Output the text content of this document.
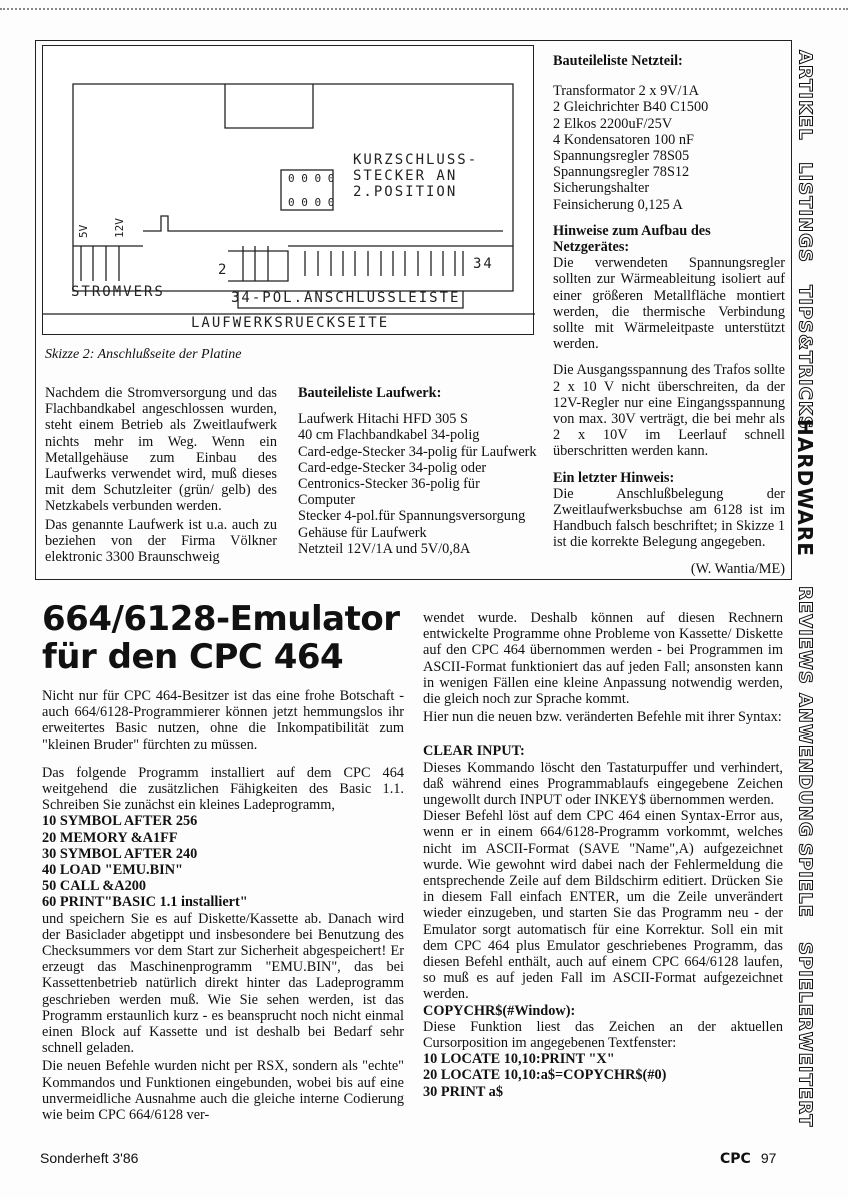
0 0 0 0
0 0 0 0
KURZSCHLUSS-
STECKER AN
2.POSITION
STROMVERS	34-POL.ANSCHLUSSLEISTE
LAUFWERKSRUECKSEITE
2	34
5V 12V
Skizze 2: Anschlußseite der Platine

Nachdem die Stromversorgung und das Flachbandkabel angeschlossen wurden, steht einem Betrieb als Zweitlaufwerk nichts mehr im Weg. Wenn ein Metallgehäuse zum Einbau des Laufwerks verwendet wird, muß dieses mit dem Schutzleiter (grün/ gelb) des Netzkabels verbunden werden.

Das genannte Laufwerk ist u.a. auch zu beziehen von der Firma Völkner elektronic 3300 Braunschweig

Bauteileliste Laufwerk:

Laufwerk Hitachi HFD 305 S

40 cm Flachbandkabel 34-polig

Card-edge-Stecker 34-polig für Laufwerk

Card-edge-Stecker 34-polig oder Centronics-Stecker 36-polig für Computer

Stecker 4-pol.für Spannungsversorgung

Gehäuse für Laufwerk

Netzteil 12V/1A und 5V/0,8A

Bauteileliste Netzteil:

Transformator 2 x 9V/1A

2 Gleichrichter B40 C1500

2 Elkos 2200uF/25V

4 Kondensatoren 100 nF

Spannungsregler 78S05

Spannungsregler 78S12

Sicherungshalter

Feinsicherung 0,125 A

Hinweise zum Aufbau des Netzgerätes:

Die verwendeten Spannungsregler sollten zur Wärmeableitung isoliert auf einer größeren Metallfläche montiert werden, die thermische Verbindung sollte mit Wärmeleitpaste unterstützt werden.

Die Ausgangsspannung des Trafos sollte 2 x 10 V nicht überschreiten, da der 12V-Regler nur eine Eingangsspannung von max. 30V verträgt, die bei mehr als 2 x 10V im Leerlauf schnell überschritten werden kann.

Ein letzter Hinweis:

Die Anschlußbelegung der Zweitlaufwerksbuchse am 6128 ist im Handbuch falsch beschriftet; in Skizze 1 ist die korrekte Belegung angegeben.

(W. Wantia/ME)

664/6128-Emulator
für den CPC 464

Nicht nur für CPC 464-Besitzer ist das eine frohe Botschaft - auch 664/6128-Programmierer können jetzt hemmungslos ihr erweitertes Basic nutzen, ohne die Inkompatibilität zum "kleinen Bruder" fürchten zu müssen.

Das folgende Programm installiert auf dem CPC 464 weitgehend die zusätzlichen Fähigkeiten des Basic 1.1. Schreiben Sie zunächst ein kleines Ladeprogramm,

10 SYMBOL AFTER 256

20 MEMORY &A1FF

30 SYMBOL AFTER 240

40 LOAD "EMU.BIN"

50 CALL &A200

60 PRINT"BASIC 1.1 installiert"

und speichern Sie es auf Diskette/Kassette ab. Danach wird der Basiclader abgetippt und insbesondere bei Benutzung des Checksummers vor dem Start zur Sicherheit abgespeichert! Er erzeugt das Maschinenprogramm "EMU.BIN", das bei Kassettenbetrieb natürlich direkt hinter das Ladeprogramm geschrieben werden muß. Wie Sie sehen werden, ist das Programm erstaunlich kurz - es beansprucht noch nicht einmal einen Block auf Kassette und ist deshalb bei Bedarf sehr schnell geladen.

Die neuen Befehle wurden nicht per RSX, sondern als "echte" Kommandos und Funktionen eingebunden, wobei bis auf eine unvermeidliche Ausnahme auch die gleiche interne Codierung wie beim CPC 664/6128 ver-

wendet wurde. Deshalb können auf diesen Rechnern entwickelte Programme ohne Probleme von Kassette/ Diskette auf den CPC 464 übernommen werden - bei Programmen im ASCII-Format funktioniert das auf jeden Fall; ansonsten kann in wenigen Fällen eine kleine Anpassung notwendig werden, die gleich noch zur Sprache kommt.

Hier nun die neuen bzw. veränderten Befehle mit ihrer Syntax:

CLEAR INPUT:

Dieses Kommando löscht den Tastaturpuffer und verhindert, daß während eines Programmablaufs eingegebene Zeichen ungewollt durch INPUT oder INKEY$ übernommen werden.

Dieser Befehl löst auf dem CPC 464 einen Syntax-Error aus, wenn er in einem 664/6128-Programm vorkommt, welches nicht im ASCII-Format (SAVE "Name",A) aufgezeichnet wurde. Wie gewohnt wird dabei nach der Fehlermeldung die entsprechende Zeile auf dem Bildschirm editiert. Drücken Sie in diesem Fall einfach ENTER, um die Zeile unverändert wieder einzugeben, und starten Sie das Programm neu - der Emulator sorgt automatisch für eine Korrektur. Soll ein mit dem CPC 464 plus Emulator geschriebenes Programm, das diesen Befehl enthält, auch auf einem CPC 664/6128 laufen, so muß es auf jeden Fall im ASCII-Format aufgezeichnet werden.

COPYCHR$(#Window):

Diese Funktion liest das Zeichen an der aktuellen Cursorposition im angegebenen Textfenster:

10 LOCATE 10,10:PRINT "X"

20 LOCATE 10,10:a$=COPYCHR$(#0)

30 PRINT a$

Sonderheft 3'86	CPC 97
ARTIKEL
LISTINGS
TIPS&TRICKS
HARDWARE
REVIEWS
ANWENDUNG
SPIELE
SPIELERWEITERT
